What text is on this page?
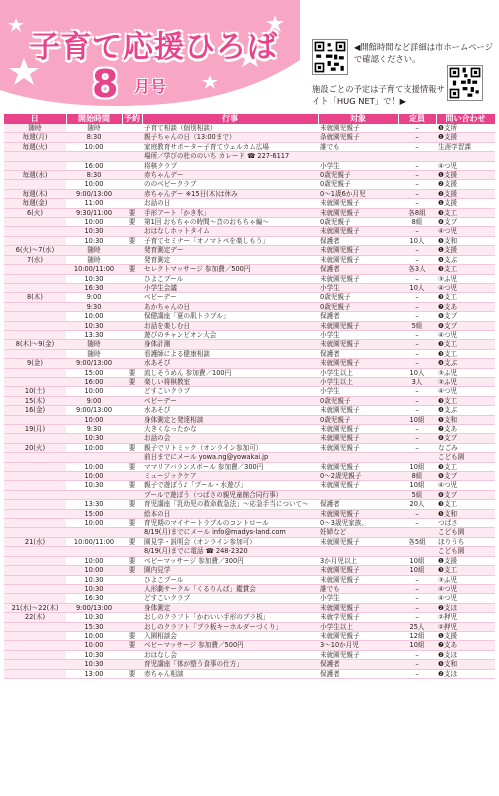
子育て応援ひろば
8 月号
◀開館時間など詳細は市ホームページで確認ください。
施設ごとの予定は子育て支援情報サイト「HUG NET」で！▶
日	開始時間	予約	行事	対象	定員	問い合わせ
随時	随時		子育て相談（個別相談）	未就園児親子	–	❺支所
毎週(月)	8:30		親子ちゃんの日（13:00まで）	条就園児親子	–	❶支援
毎週(火)	10:00		家庭教育サポーター子育てウェルカム広場	誰でも	–	生涯学習課
			場所／学びの杜ののいち カレード ☎ 227-6117			
	16:00		将棋クラブ	小学生	–	④つ児
毎週(水)	8:30		赤ちゃんデー	0歳児親子	–	❶支援
	10:00		ののベビークラブ	0歳児親子	–	❷支援
毎週(木)	9:00/13:00		赤ちゃんデー ※15日(木)は休み	0～1歳6か月児	–	❷支援
毎週(金)	11:00		お話の日	未就園児親子	–	❶支援
6(火)	9:30/11:00	要	手形アート「かき氷」	未就園児親子	各8組	❸支工
	10:00	要	第1回 おもちゃの時間～音のおもちゃ編～	0歳児親子	8組	❻支ブ
	10:30		おはなしホットタイム	未就園児親子	–	④つ児
	10:30	要	子育てセミナー「オノマトペを楽しもう」	保護者	10人	❺支和
6(火)～7(水)	随時		発育測定デー	未就園児親子	–	❶支援
7(水)	随時		発育測定	未就園児親子	–	❹支ぶ
	10:00/11:00	要	セレクトマッサージ 参加費／500円	保護者	各3人	❸支工
	10:30		ひよこプール	未就園児親子	–	③ふ児
	16:30		小学生会議	小学生	10人	④つ児
8(木)	9:00		ベビーデー	0歳児親子	–	❸支工
	9:30		あかちゃんの日	0歳児親子	–	❼支あ
	10:00		保健講座「夏の肌トラブル」	保護者	–	❻支ブ
	10:30		お話を楽しむ日	未就園児親子	5組	❻支ブ
	13:30		遊びのチャンピオン大会	小学生	–	④つ児
8(木)～9(金)	随時		身体計測	未就園児親子	–	❸支工
	随時		看護師による健康相談	保護者	–	❸支工
9(金)	9:00/13:00		水あそび	未就園児親子	–	❹支ぶ
	15:00	要	流しそうめん 参加費／100円	小学生以上	10人	③ふ児
	16:00	要	楽しい将棋教室	小学生以上	3人	③ふ児
10(土)	10:00		どすこいクラブ	小学生	–	④つ児
15(木)	9:00		ベビーデー	0歳児親子	–	❸支工
16(金)	9:00/13:00		水あそび	未就園児親子	–	❹支ぶ
	10:00		身体測定と発達相談	0歳児親子	10組	❺支和
19(月)	9:30		大きくなったかな	未就園児親子	–	❼支あ
	10:30		お話の会	未就園児親子	–	❻支ブ
20(火)	10:00	要	親子でリトミック（オンライン参加可）	未就園児親子	–	なごみ
			前日までにメール yowa.ng@yowakai.jp			こども園
	10:00	要	ママリアバランスボール 参加費／300円	未就園児親子	10組	❸支工
	10:00		ミュージックケア	0～2歳児親子	8組	❻支ブ
	10:30	要	親子で遊ぼう♪「プール・水遊び」	未就園児親子	10組	④つ児
			プールで遊ぼう（つばさの親児童館合同行事）		5組	❻支ブ
	13:30	要	育児講座「乳幼児の救命救急法」～応急手当について～	保護者	20人	❸支工
	15:00		絵本の日	未就園児親子	–	❺支和
	10:00	要	育児期のマイナートラブルのコントロール	0～3歳児家族、	–	つばさ
			8/19(月)までにメール info@madys-land.com	妊婦など		こども園
21(水)	10:00/11:00	要	園見学・説明会（オンライン参加可）	未就園児親子	各5組	ほりうち
			8/19(月)までに電話 ☎ 248-2320			こども園
	10:00	要	ベビーマッサージ 参加費／300円	3か月児以上	10組	❶支援
	10:00	要	園内見学	未就園児親子	10組	❸支工
	10:30		ひよこプール	未就園児親子	–	③ふ児
	10:30		人形劇サークル「くるりんば」鑑賞会	誰でも	–	④つ児
	16:30		どすこいクラブ	小学生	–	④つ児
21(水)～22(木)	9:00/13:00		身体測定	未就園児親子	–	❷支ほ
22(木)	10:30		おしのクラフト「かわいい手形のプラ板」	未就学児親子	–	②押児
	15:30		おしのクラフト「プラ板キーホルダーづくり」	小学生以上	25人	②押児
	10:00	要	入園相談会	未就園児親子	12組	❶支援
	10:00	要	ベビーマッサージ 参加費／500円	3～10か月児	10組	❼支あ
	10:30		おはなし会	未就園児親子	–	❷支ほ
	10:30		育児講座「体が整う食事の仕方」	保護者	–	❺支和
	13:00	要	赤ちゃん相談	保護者	–	❷支ほ
